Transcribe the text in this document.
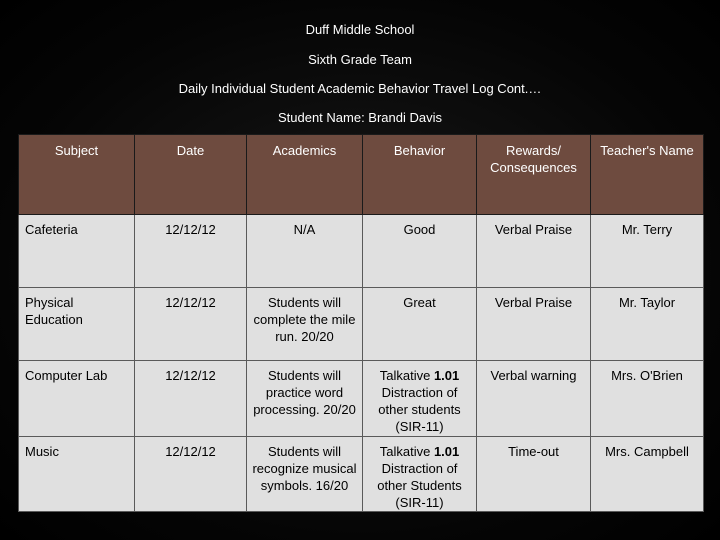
Duff Middle School
Sixth Grade Team
Daily Individual Student Academic Behavior Travel Log Cont.…
Student Name: Brandi Davis
Subject	Date	Academics	Behavior	Rewards/ Consequences	Teacher's Name
Cafeteria	12/12/12	N/A	Good	Verbal Praise	Mr. Terry
Physical Education	12/12/12	Students will complete the mile run. 20/20	Great	Verbal Praise	Mr. Taylor
Computer Lab	12/12/12	Students will practice word processing. 20/20	Talkative 1.01 Distraction of other students (SIR-11)	Verbal warning	Mrs. O'Brien
Music	12/12/12	Students will recognize musical symbols. 16/20	Talkative 1.01 Distraction of other Students (SIR-11)	Time-out	Mrs. Campbell
